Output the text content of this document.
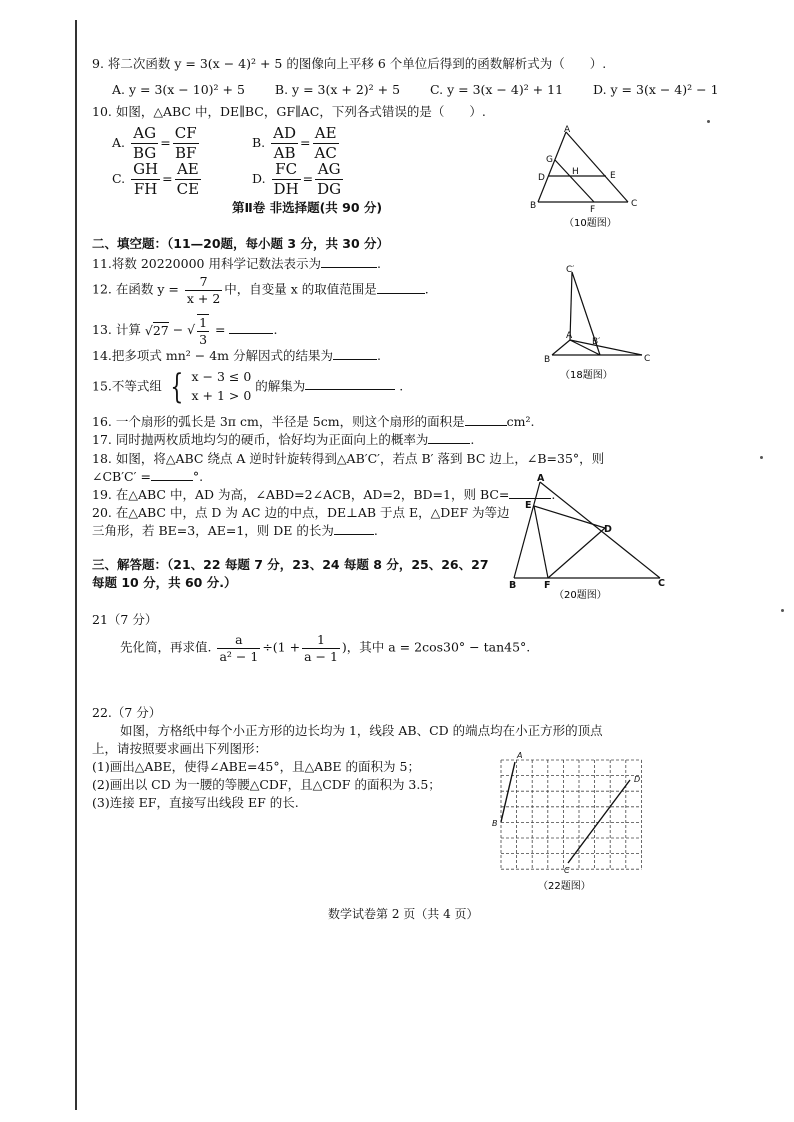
9. 将二次函数 y = 3(x − 4)² + 5 的图像向上平移 6 个单位后得到的函数解析式为（　　）.
A. y = 3(x − 10)² + 5 B. y = 3(x + 2)² + 5 C. y = 3(x − 4)² + 11 D. y = 3(x − 4)² − 1
10. 如图，△ABC 中，DE∥BC，GF∥AC，下列各式错误的是（　　）.
A. $\frac{AG}{BG} = \frac{CF}{BF}$	B. $\frac{AD}{AB} = \frac{AE}{AC}$
C. $\frac{GH}{FH} = \frac{AE}{CE}$	D. $\frac{FC}{DH} = \frac{AG}{DG}$
A
G
H
D	E
B	F
C
（10题图）
第Ⅱ卷 非选择题(共 90 分)
二、填空题：（11—20题，每小题 3 分，共 30 分）
11.将数 20220000 用科学记数法表示为	.
12. 在函数 $y = \frac{7}{x + 2}$ 中，自变量 x 的取值范围是	.
13. 计算 √27 − √ $\frac{1}{3}$ =	.
14.把多项式 mn² − 4m 分解因式的结果为	.
15.不等式组 { x − 3 ≤ 0
x + 1 > 0
的解集为	.
C′
A
B′
B	C
（18题图）
16. 一个扇形的弧长是 3π cm，半径是 5cm，则这个扇形的面积是	cm².
17. 同时抛两枚质地均匀的硬币，恰好均为正面向上的概率为	.
18. 如图，将△ABC 绕点 A 逆时针旋转得到△AB′C′，若点 B′ 落到 BC 边上，∠B=35°，则
∠CB′C′ =	°.
19. 在△ABC 中，AD 为高，∠ABD=2∠ACB，AD=2，BD=1，则 BC=	.
20. 在△ABC 中，点 D 为 AC 边的中点，DE⊥AB 于点 E，△DEF 为等边
三角形，若 BE=3，AE=1，则 DE 的长为	.
A
E
D
B	F	C
（20题图）
三、解答题：（21、22 每题 7 分，23、24 每题 8 分，25、26、27
每题 10 分，共 60 分.）
21（7 分）
先化简，再求值. $\frac{a}{\text{a² − 1}} \div(1 + \frac{1}{a - 1}$ )，其中 a = 2cos30° − tan45°.
22.（7 分）
如图，方格纸中每个小正方形的边长均为 1，线段 AB、CD 的端点均在小正方形的顶点
上，请按照要求画出下列图形：
(1)画出△ABE，使得∠ABE=45°，且△ABE 的面积为 5；
(2)画出以 CD 为一腰的等腰△CDF，且△CDF 的面积为 3.5；
(3)连接 EF，直接写出线段 EF 的长.
A
B
C
D
（22题图）
数学试卷第 2 页（共 4 页）
